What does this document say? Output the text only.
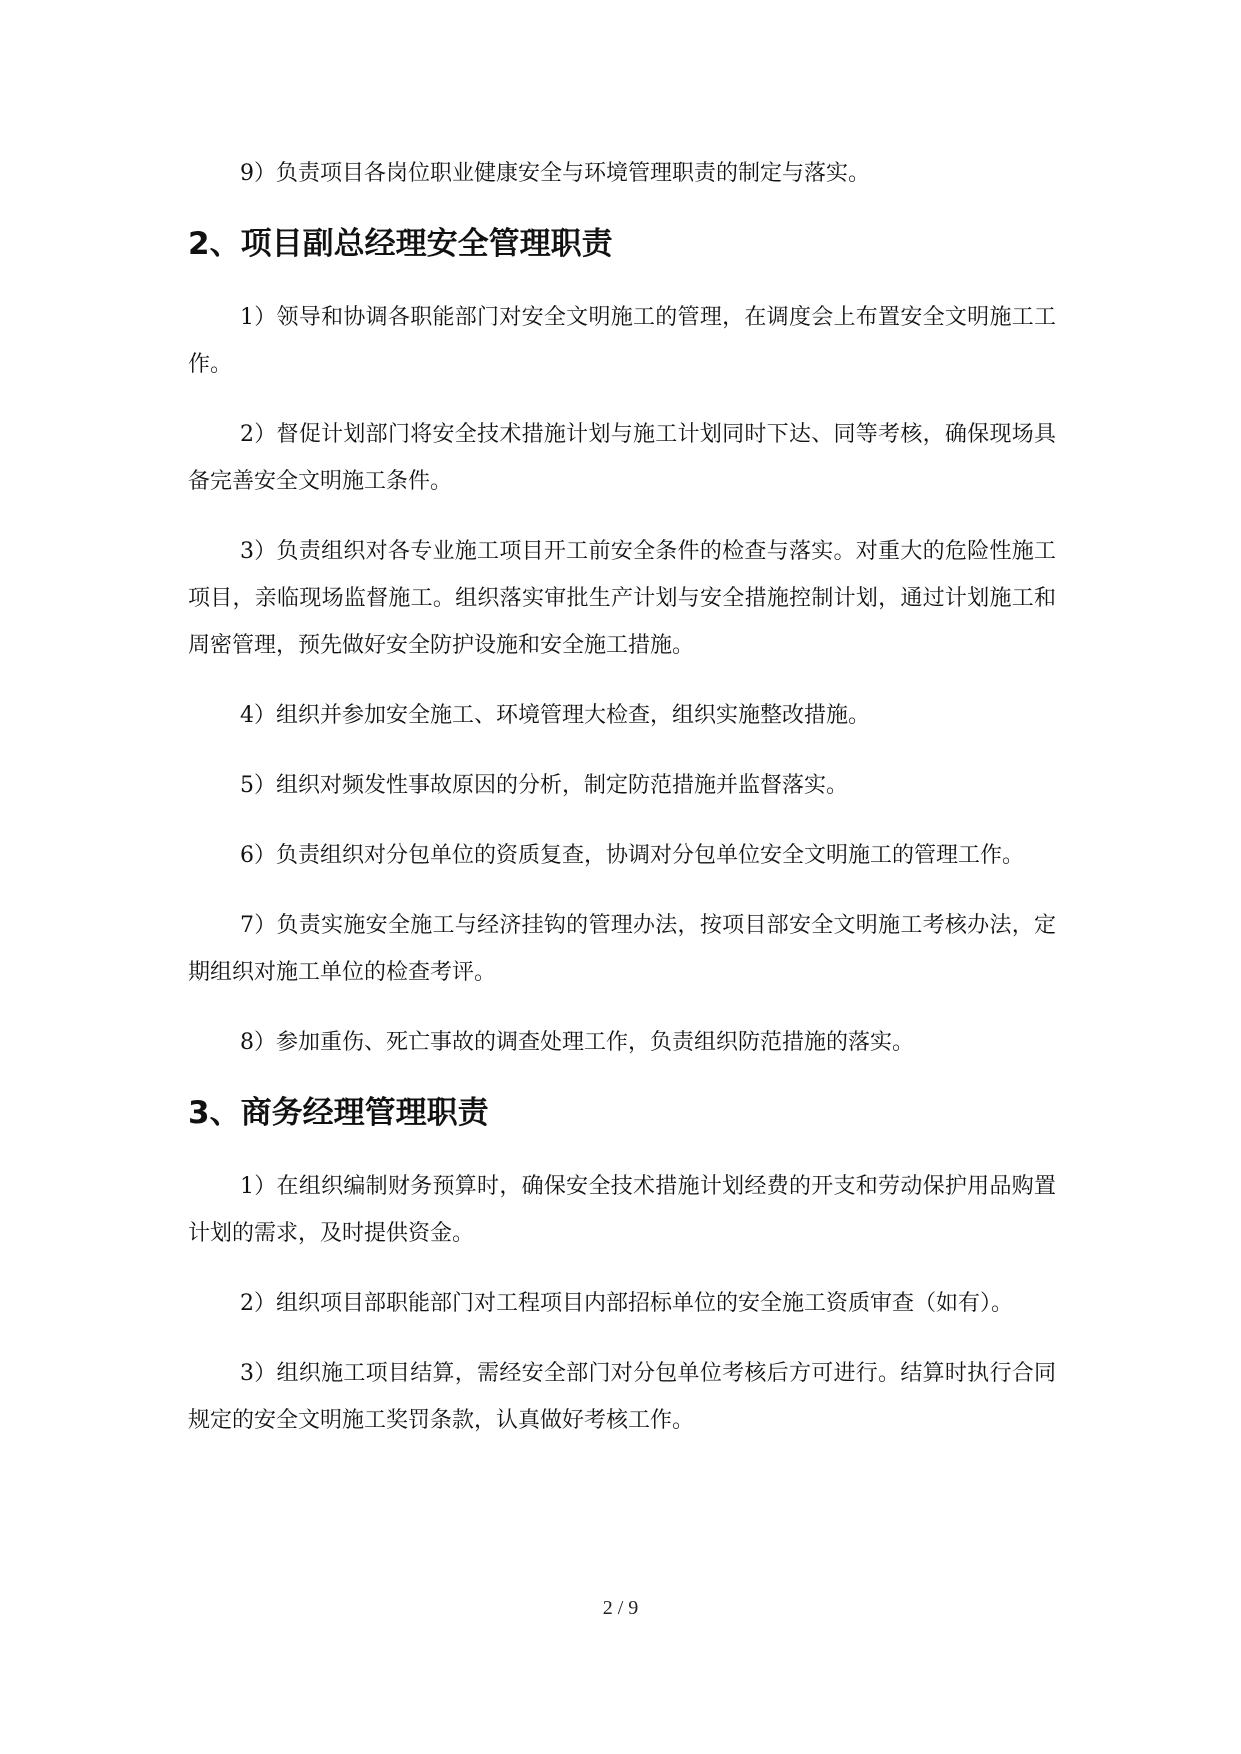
9）负责项目各岗位职业健康安全与环境管理职责的制定与落实。

2、项目副总经理安全管理职责

1）领导和协调各职能部门对安全文明施工的管理，在调度会上布置安全文明施工工作。

2）督促计划部门将安全技术措施计划与施工计划同时下达、同等考核，确保现场具备完善安全文明施工条件。

3）负责组织对各专业施工项目开工前安全条件的检查与落实。对重大的危险性施工项目，亲临现场监督施工。组织落实审批生产计划与安全措施控制计划，通过计划施工和周密管理，预先做好安全防护设施和安全施工措施。

4）组织并参加安全施工、环境管理大检查，组织实施整改措施。

5）组织对频发性事故原因的分析，制定防范措施并监督落实。

6）负责组织对分包单位的资质复查，协调对分包单位安全文明施工的管理工作。

7）负责实施安全施工与经济挂钩的管理办法，按项目部安全文明施工考核办法，定期组织对施工单位的检查考评。

8）参加重伤、死亡事故的调查处理工作，负责组织防范措施的落实。

3、商务经理管理职责

1）在组织编制财务预算时，确保安全技术措施计划经费的开支和劳动保护用品购置计划的需求，及时提供资金。

2）组织项目部职能部门对工程项目内部招标单位的安全施工资质审查（如有）。

3）组织施工项目结算，需经安全部门对分包单位考核后方可进行。结算时执行合同规定的安全文明施工奖罚条款，认真做好考核工作。

2 / 9
